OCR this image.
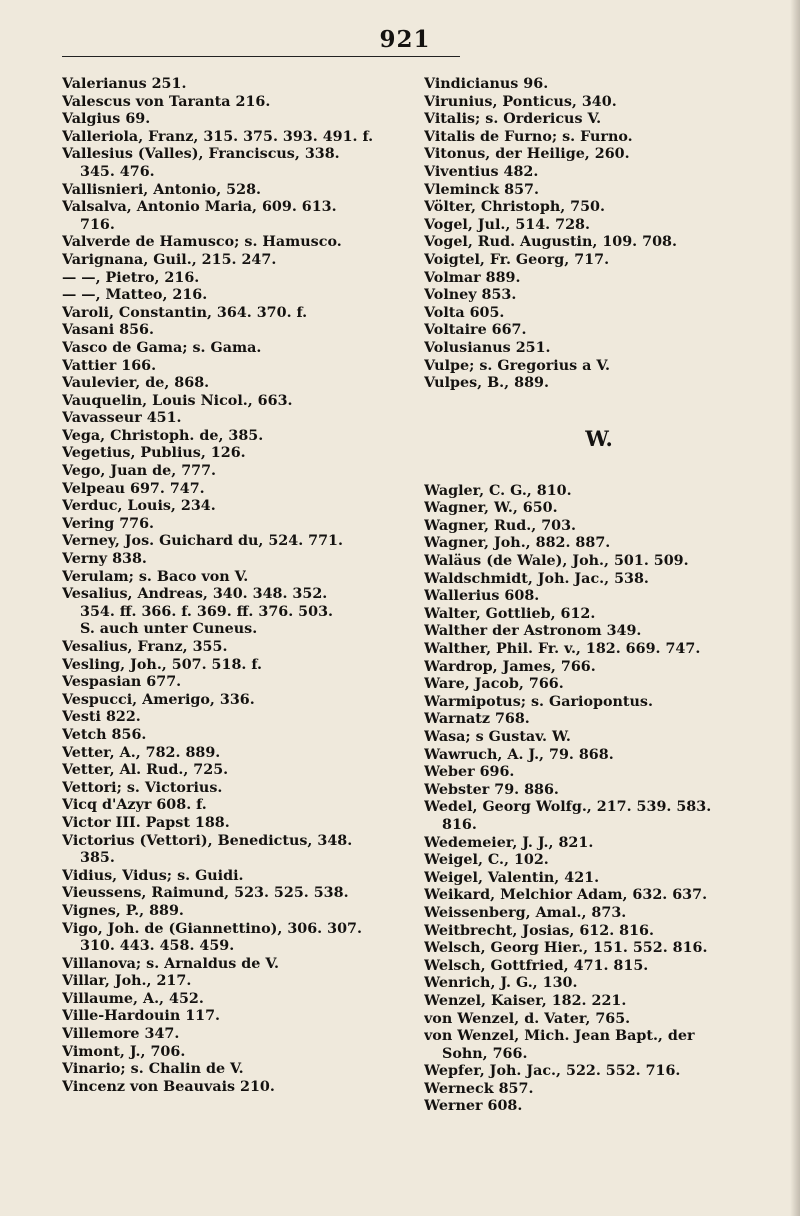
921
Valerianus 251.
Valescus von Taranta 216.
Valgius 69.
Valleriola, Franz, 315. 375. 393. 491. f.
Vallesius (Valles), Franciscus, 338.
345. 476.
Vallisnieri, Antonio, 528.
Valsalva, Antonio Maria, 609. 613.
716.
Valverde de Hamusco; s. Hamusco.
Varignana, Guil., 215. 247.
— —, Pietro, 216.
— —, Matteo, 216.
Varoli, Constantin, 364. 370. f.
Vasani 856.
Vasco de Gama; s. Gama.
Vattier 166.
Vaulevier, de, 868.
Vauquelin, Louis Nicol., 663.
Vavasseur 451.
Vega, Christoph. de, 385.
Vegetius, Publius, 126.
Vego, Juan de, 777.
Velpeau 697. 747.
Verduc, Louis, 234.
Vering 776.
Verney, Jos. Guichard du, 524. 771.
Verny 838.
Verulam; s. Baco von V.
Vesalius, Andreas, 340. 348. 352.
354. ff. 366. f. 369. ff. 376. 503.
S. auch unter Cuneus.
Vesalius, Franz, 355.
Vesling, Joh., 507. 518. f.
Vespasian 677.
Vespucci, Amerigo, 336.
Vesti 822.
Vetch 856.
Vetter, A., 782. 889.
Vetter, Al. Rud., 725.
Vettori; s. Victorius.
Vicq d'Azyr 608. f.
Victor III. Papst 188.
Victorius (Vettori), Benedictus, 348.
385.
Vidius, Vidus; s. Guidi.
Vieussens, Raimund, 523. 525. 538.
Vignes, P., 889.
Vigo, Joh. de (Giannettino), 306. 307.
310. 443. 458. 459.
Villanova; s. Arnaldus de V.
Villar, Joh., 217.
Villaume, A., 452.
Ville-Hardouin 117.
Villemore 347.
Vimont, J., 706.
Vinario; s. Chalin de V.
Vincenz von Beauvais 210.
Vindicianus 96.
Virunius, Ponticus, 340.
Vitalis; s. Ordericus V.
Vitalis de Furno; s. Furno.
Vitonus, der Heilige, 260.
Viventius 482.
Vleminck 857.
Völter, Christoph, 750.
Vogel, Jul., 514. 728.
Vogel, Rud. Augustin, 109. 708.
Voigtel, Fr. Georg, 717.
Volmar 889.
Volney 853.
Volta 605.
Voltaire 667.
Volusianus 251.
Vulpe; s. Gregorius a V.
Vulpes, B., 889.
W.
Wagler, C. G., 810.
Wagner, W., 650.
Wagner, Rud., 703.
Wagner, Joh., 882. 887.
Waläus (de Wale), Joh., 501. 509.
Waldschmidt, Joh. Jac., 538.
Wallerius 608.
Walter, Gottlieb, 612.
Walther der Astronom 349.
Walther, Phil. Fr. v., 182. 669. 747.
Wardrop, James, 766.
Ware, Jacob, 766.
Warmipotus; s. Gariopontus.
Warnatz 768.
Wasa; s Gustav. W.
Wawruch, A. J., 79. 868.
Weber 696.
Webster 79. 886.
Wedel, Georg Wolfg., 217. 539. 583.
816.
Wedemeier, J. J., 821.
Weigel, C., 102.
Weigel, Valentin, 421.
Weikard, Melchior Adam, 632. 637.
Weissenberg, Amal., 873.
Weitbrecht, Josias, 612. 816.
Welsch, Georg Hier., 151. 552. 816.
Welsch, Gottfried, 471. 815.
Wenrich, J. G., 130.
Wenzel, Kaiser, 182. 221.
von Wenzel, d. Vater, 765.
von Wenzel, Mich. Jean Bapt., der
Sohn, 766.
Wepfer, Joh. Jac., 522. 552. 716.
Werneck 857.
Werner 608.
